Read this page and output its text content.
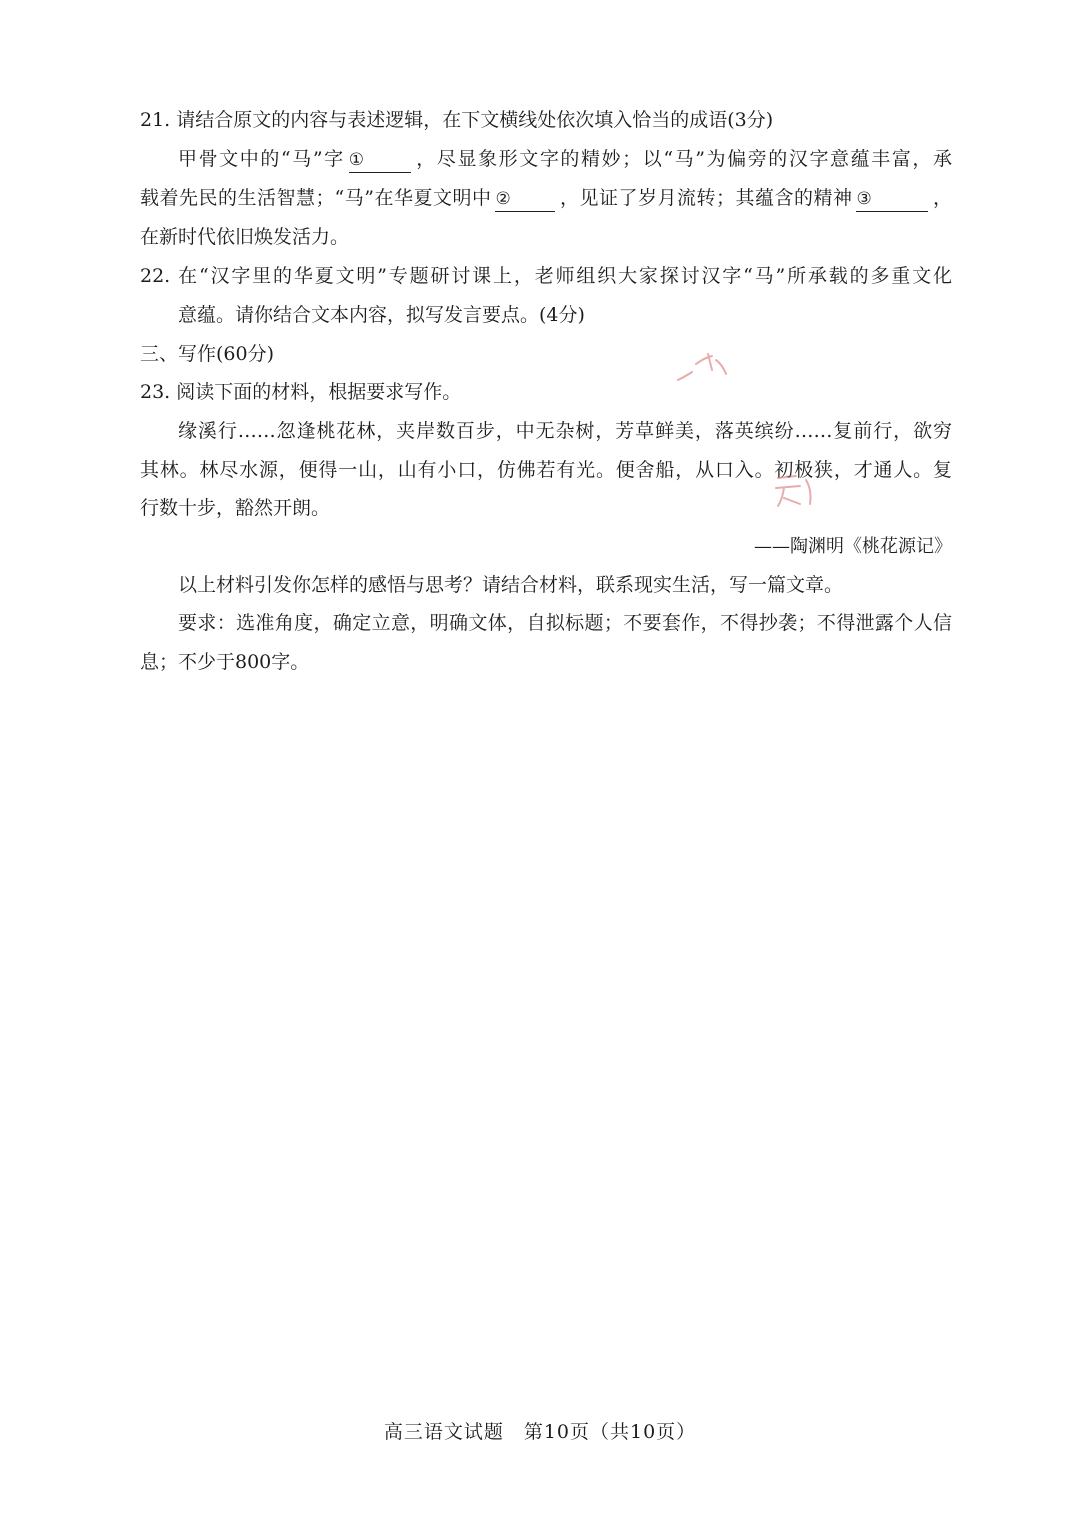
21. 请结合原文的内容与表述逻辑，在下文横线处依次填入恰当的成语(3分)
甲骨文中的“马”字 ①	，尽显象形文字的精妙；以“马”为偏旁的汉字意蕴丰富，承
载着先民的生活智慧；“马”在华夏文明中 ②	，见证了岁月流转；其蕴含的精神 ③	，
在新时代依旧焕发活力。
22. 在“汉字里的华夏文明”专题研讨课上，老师组织大家探讨汉字“马”所承载的多重文化
意蕴。请你结合文本内容，拟写发言要点。(4分)
三、写作(60分)
23. 阅读下面的材料，根据要求写作。
缘溪行……忽逢桃花林，夹岸数百步，中无杂树，芳草鲜美，落英缤纷……复前行，欲穷
其林。林尽水源，便得一山，山有小口，仿佛若有光。便舍船，从口入。初极狭，才通人。复
行数十步，豁然开朗。
——陶渊明《桃花源记》
以上材料引发你怎样的感悟与思考？请结合材料，联系现实生活，写一篇文章。
要求：选准角度，确定立意，明确文体，自拟标题；不要套作，不得抄袭；不得泄露个人信
息；不少于800字。
高三语文试题　第10页（共10页）
